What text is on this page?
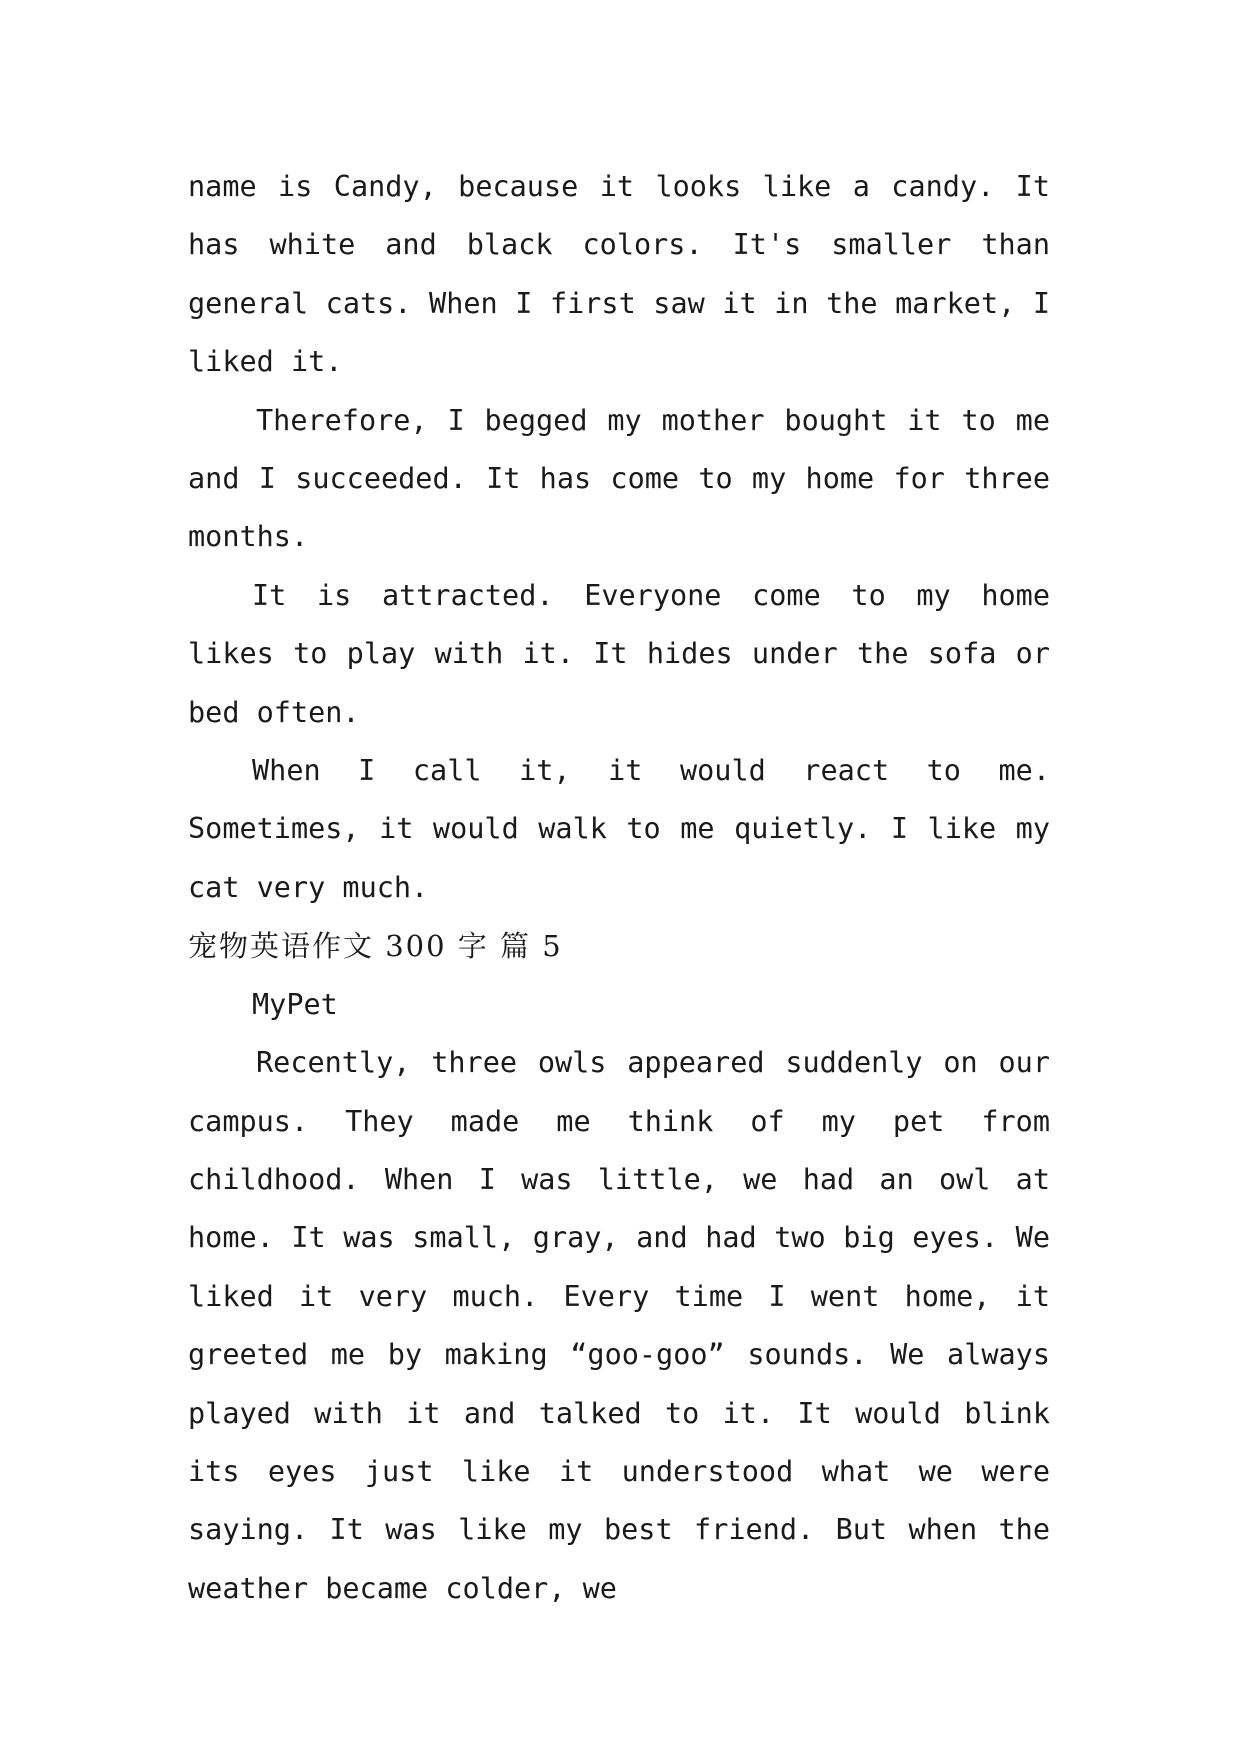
name is Candy, because it looks like a candy. It has white and black colors. It's smaller than general cats. When I first saw it in the market, I liked it.

Therefore, I begged my mother bought it to me and I succeeded. It has come to my home for three months.

It is attracted. Everyone come to my home likes to play with it. It hides under the sofa or bed often.

When I call it, it would react to me. Sometimes, it would walk to me quietly. I like my cat very much.

宠物英语作文 300 字 篇 5

MyPet

Recently, three owls appeared suddenly on our campus. They made me think of my pet from childhood. When I was little, we had an owl at home. It was small, gray, and had two big eyes. We liked it very much. Every time I went home, it greeted me by making “goo-goo” sounds. We always played with it and talked to it. It would blink its eyes just like it understood what we were saying. It was like my best friend. But when the weather became colder, we
